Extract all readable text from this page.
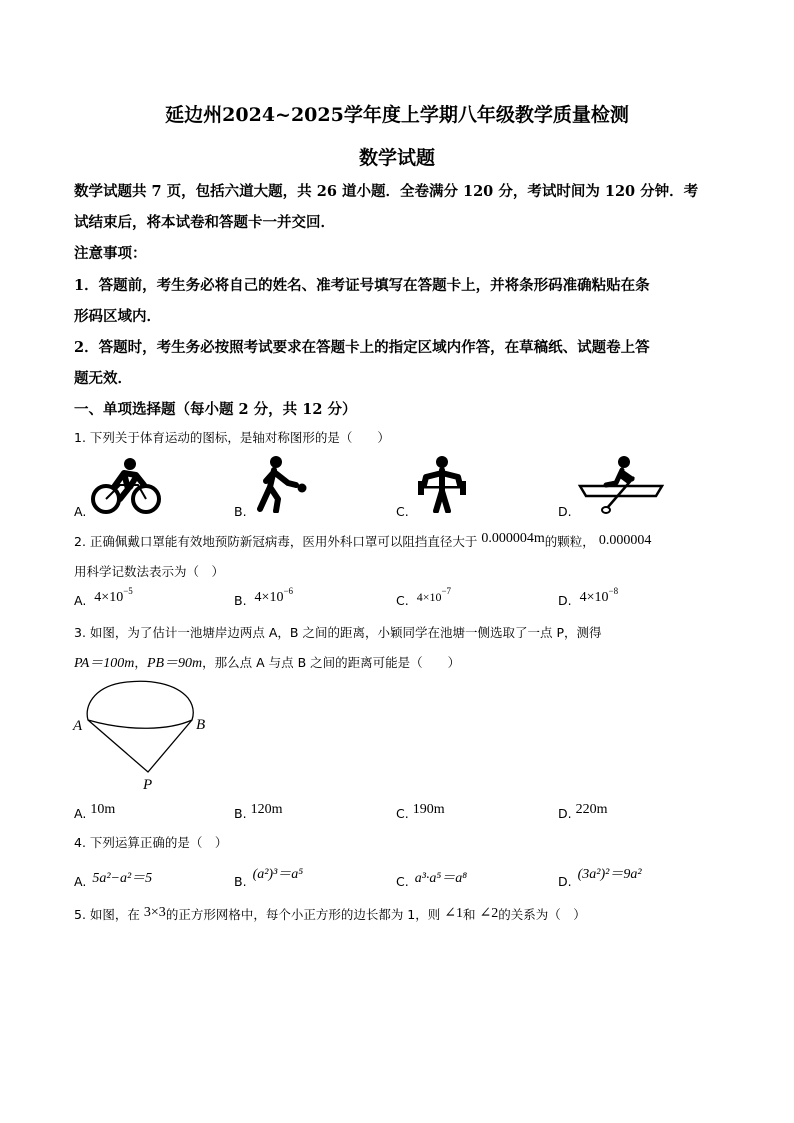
延边州2024~2025学年度上学期八年级教学质量检测
数学试题
数学试题共 7 页，包括六道大题，共 26 道小题．全卷满分 120 分，考试时间为 120 分钟．考
试结束后，将本试卷和答题卡一并交回．
注意事项：
1．答题前，考生务必将自己的姓名、准考证号填写在答题卡上，并将条形码准确粘贴在条
形码区域内．
2．答题时，考生务必按照考试要求在答题卡上的指定区域内作答，在草稿纸、试题卷上答
题无效．
一、单项选择题（每小题 2 分，共 12 分）
1. 下列关于体育运动的图标，是轴对称图形的是（　　）
A.	B.	C.	D.
2. 正确佩戴口罩能有效地预防新冠病毒，医用外科口罩可以阻挡直径大于 0.000004m的颗粒， 0.000004
用科学记数法表示为（　）
A. $4\times 10^{-5}$
B. $4\times 10^{-6}$
C. $4\times 10^{-7}$
D. $4\times 10^{-8}$
3. 如图，为了估计一池塘岸边两点 A，B 之间的距离，小颖同学在池塘一侧选取了一点 P，测得
PA＝100m，PB＝90m，那么点 A 与点 B 之间的距离可能是（　　）
A	B
P
A. 10m	B. 120m	C. 190m	D. 220m
4. 下列运算正确的是（　）
A. 5a²−a²＝5	B. (a²)³＝a⁵	C. a³·a⁵＝a⁸	D. (3a²)²＝9a²
5. 如图，在 3×3的正方形网格中，每个小正方形的边长都为 1，则 ∠1和 ∠2的关系为（　）
